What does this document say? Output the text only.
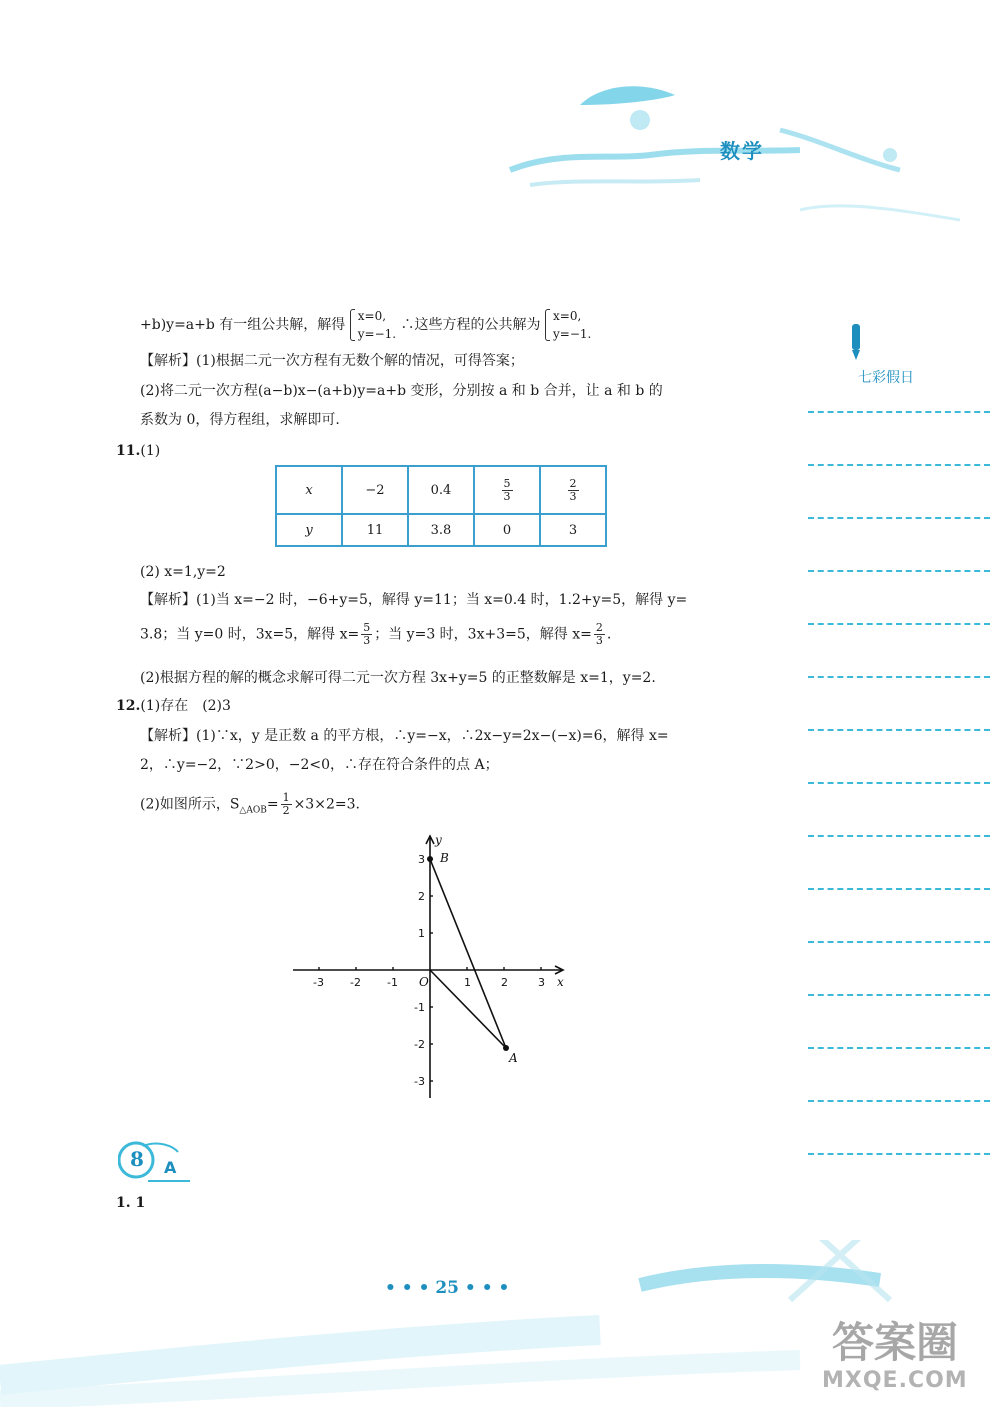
数学
七彩假日
+b)y=a+b 有一组公共解，解得
x=0,
y=−1.
∴这些方程的公共解为
x=0,
y=−1.
【解析】(1)根据二元一次方程有无数个解的情况，可得答案；
(2)将二元一次方程(a−b)x−(a+b)y=a+b 变形，分别按 a 和 b 合并，让 a 和 b 的
系数为 0，得方程组，求解即可.
11.(1)
x	−2	0.4	$\frac{5}{3}$	$\frac{2}{3}$

y	11	3.8	0	3
(2) x=1,y=2
【解析】(1)当 x=−2 时，−6+y=5，解得 y=11；当 x=0.4 时，1.2+y=5，解得 y=
3.8；当 y=0 时，3x=5，解得 $x= \frac{5}{3}$ ；当 y=3 时，3x+3=5，解得 $x= \frac{2}{3}$ .
(2)根据方程的解的概念求解可得二元一次方程 3x+y=5 的正整数解是 x=1，y=2.
12.(1)存在　(2)3
【解析】(1)∵x，y 是正数 a 的平方根，∴y=−x，∴2x−y=2x−(−x)=6，解得 x=
2，∴y=−2，∵2>0，−2<0，∴存在符合条件的点 A；
(2)如图所示，$S_{\triangle AOB}= \frac{1}{2} \times 3\times 2=3$.
-3 -2 -1	1	2	3
3
2
1
-1
-2
-3
B
A
O	x
y
8 A
1. 1
• • • 25 • • •
答案圈
MXQE.COM
